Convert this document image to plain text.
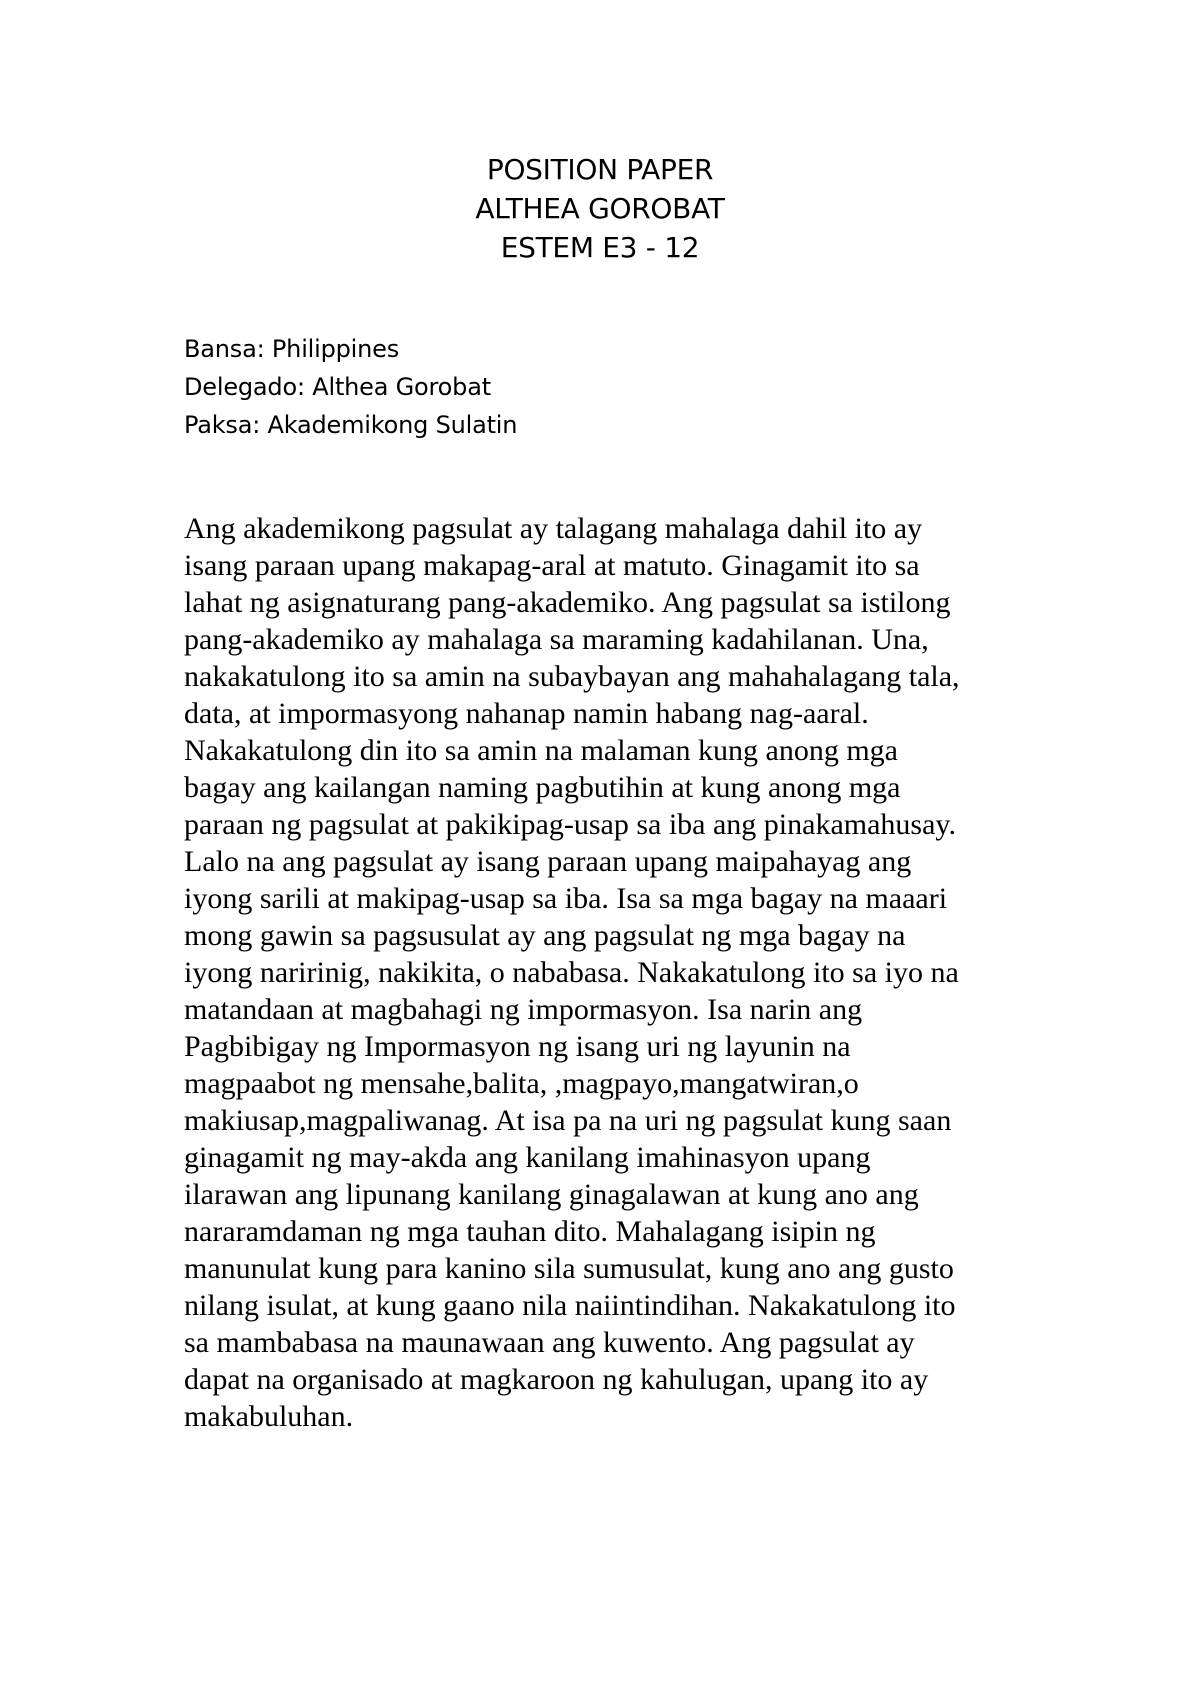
POSITION PAPER
ALTHEA GOROBAT
ESTEM E3 - 12
Bansa: Philippines
Delegado: Althea Gorobat
Paksa: Akademikong Sulatin
Ang akademikong pagsulat ay talagang mahalaga dahil ito ay
isang paraan upang makapag-aral at matuto. Ginagamit ito sa
lahat ng asignaturang pang-akademiko. Ang pagsulat sa istilong
pang-akademiko ay mahalaga sa maraming kadahilanan. Una,
nakakatulong ito sa amin na subaybayan ang mahahalagang tala,
data, at impormasyong nahanap namin habang nag-aaral.
Nakakatulong din ito sa amin na malaman kung anong mga
bagay ang kailangan naming pagbutihin at kung anong mga
paraan ng pagsulat at pakikipag-usap sa iba ang pinakamahusay.
Lalo na ang pagsulat ay isang paraan upang maipahayag ang
iyong sarili at makipag-usap sa iba. Isa sa mga bagay na maaari
mong gawin sa pagsusulat ay ang pagsulat ng mga bagay na
iyong naririnig, nakikita, o nababasa. Nakakatulong ito sa iyo na
matandaan at magbahagi ng impormasyon. Isa narin ang
Pagbibigay ng Impormasyon ng isang uri ng layunin na
magpaabot ng mensahe,balita, ,magpayo,mangatwiran,o
makiusap,magpaliwanag. At isa pa na uri ng pagsulat kung saan
ginagamit ng may-akda ang kanilang imahinasyon upang
ilarawan ang lipunang kanilang ginagalawan at kung ano ang
nararamdaman ng mga tauhan dito. Mahalagang isipin ng
manunulat kung para kanino sila sumusulat, kung ano ang gusto
nilang isulat, at kung gaano nila naiintindihan. Nakakatulong ito
sa mambabasa na maunawaan ang kuwento. Ang pagsulat ay
dapat na organisado at magkaroon ng kahulugan, upang ito ay
makabuluhan.
